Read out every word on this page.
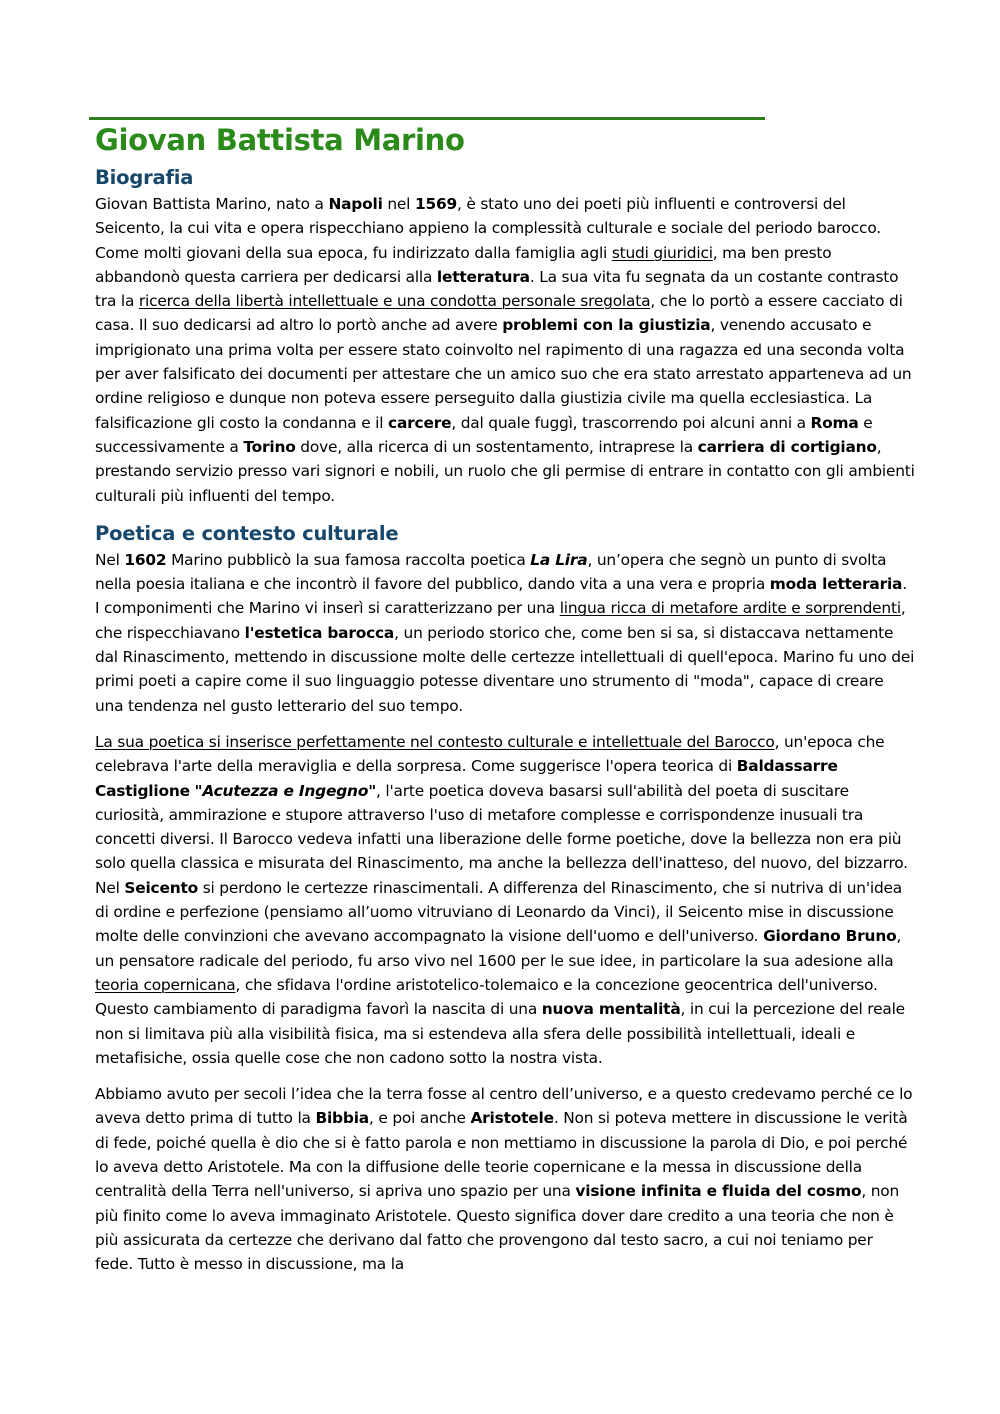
Giovan Battista Marino
Biografia

Giovan Battista Marino, nato a Napoli nel 1569, è stato uno dei poeti più influenti e controversi del Seicento, la cui vita e opera rispecchiano appieno la complessità culturale e sociale del periodo barocco. Come molti giovani della sua epoca, fu indirizzato dalla famiglia agli studi giuridici, ma ben presto abbandonò questa carriera per dedicarsi alla letteratura. La sua vita fu segnata da un costante contrasto tra la ricerca della libertà intellettuale e una condotta personale sregolata, che lo portò a essere cacciato di casa. Il suo dedicarsi ad altro lo portò anche ad avere problemi con la giustizia, venendo accusato e imprigionato una prima volta per essere stato coinvolto nel rapimento di una ragazza ed una seconda volta per aver falsificato dei documenti per attestare che un amico suo che era stato arrestato apparteneva ad un ordine religioso e dunque non poteva essere perseguito dalla giustizia civile ma quella ecclesiastica. La falsificazione gli costo la condanna e il carcere, dal quale fuggì, trascorrendo poi alcuni anni a Roma e successivamente a Torino dove, alla ricerca di un sostentamento, intraprese la carriera di cortigiano, prestando servizio presso vari signori e nobili, un ruolo che gli permise di entrare in contatto con gli ambienti culturali più influenti del tempo.

Poetica e contesto culturale

Nel 1602 Marino pubblicò la sua famosa raccolta poetica La Lira, un’opera che segnò un punto di svolta nella poesia italiana e che incontrò il favore del pubblico, dando vita a una vera e propria moda letteraria. I componimenti che Marino vi inserì si caratterizzano per una lingua ricca di metafore ardite e sorprendenti, che rispecchiavano l'estetica barocca, un periodo storico che, come ben si sa, si distaccava nettamente dal Rinascimento, mettendo in discussione molte delle certezze intellettuali di quell'epoca. Marino fu uno dei primi poeti a capire come il suo linguaggio potesse diventare uno strumento di "moda", capace di creare una tendenza nel gusto letterario del suo tempo.

La sua poetica si inserisce perfettamente nel contesto culturale e intellettuale del Barocco, un'epoca che celebrava l'arte della meraviglia e della sorpresa. Come suggerisce l'opera teorica di Baldassarre Castiglione "Acutezza e Ingegno", l'arte poetica doveva basarsi sull'abilità del poeta di suscitare curiosità, ammirazione e stupore attraverso l'uso di metafore complesse e corrispondenze inusuali tra concetti diversi. Il Barocco vedeva infatti una liberazione delle forme poetiche, dove la bellezza non era più solo quella classica e misurata del Rinascimento, ma anche la bellezza dell'inatteso, del nuovo, del bizzarro. Nel Seicento si perdono le certezze rinascimentali. A differenza del Rinascimento, che si nutriva di un'idea di ordine e perfezione (pensiamo all’uomo vitruviano di Leonardo da Vinci), il Seicento mise in discussione molte delle convinzioni che avevano accompagnato la visione dell'uomo e dell'universo. Giordano Bruno, un pensatore radicale del periodo, fu arso vivo nel 1600 per le sue idee, in particolare la sua adesione alla teoria copernicana, che sfidava l'ordine aristotelico-tolemaico e la concezione geocentrica dell'universo.
Questo cambiamento di paradigma favorì la nascita di una nuova mentalità, in cui la percezione del reale non si limitava più alla visibilità fisica, ma si estendeva alla sfera delle possibilità intellettuali, ideali e metafisiche, ossia quelle cose che non cadono sotto la nostra vista.

Abbiamo avuto per secoli l’idea che la terra fosse al centro dell’universo, e a questo credevamo perché ce lo aveva detto prima di tutto la Bibbia, e poi anche Aristotele. Non si poteva mettere in discussione le verità di fede, poiché quella è dio che si è fatto parola e non mettiamo in discussione la parola di Dio, e poi perché lo aveva detto Aristotele. Ma con la diffusione delle teorie copernicane e la messa in discussione della centralità della Terra nell'universo, si apriva uno spazio per una visione infinita e fluida del cosmo, non più finito come lo aveva immaginato Aristotele. Questo significa dover dare credito a una teoria che non è più assicurata da certezze che derivano dal fatto che provengono dal testo sacro, a cui noi teniamo per fede. Tutto è messo in discussione, ma la
